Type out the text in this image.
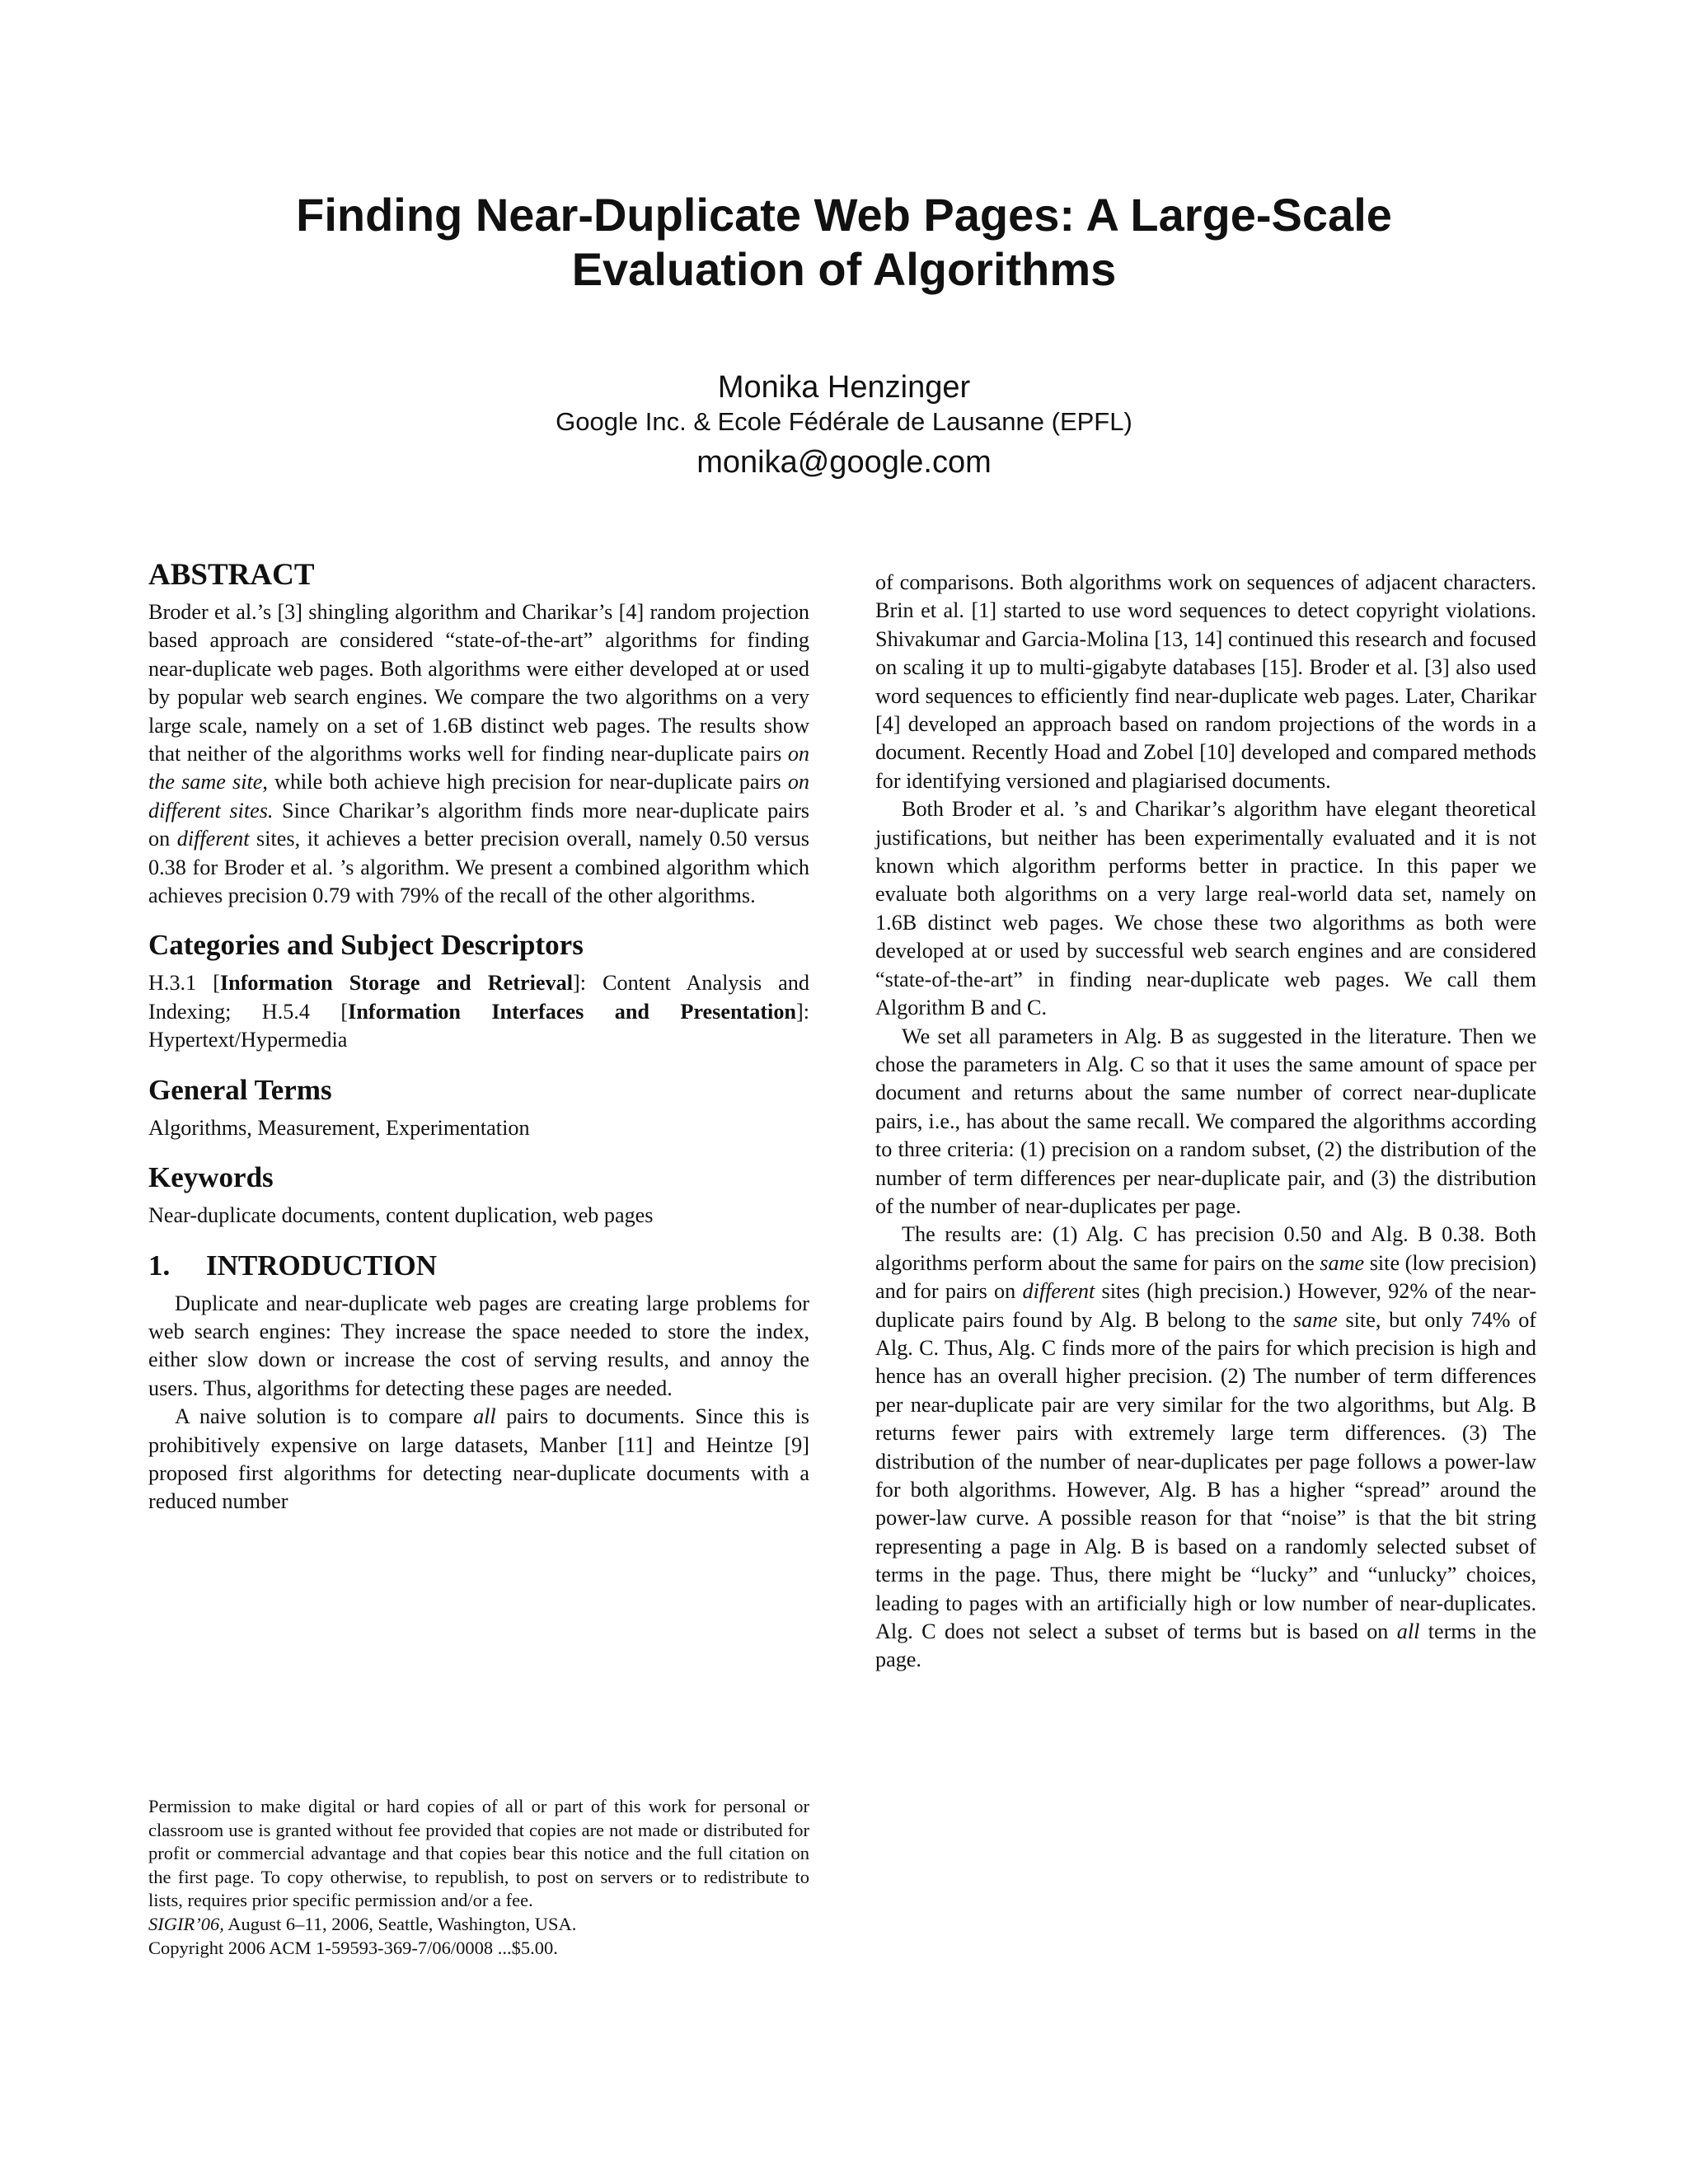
Finding Near-Duplicate Web Pages: A Large-Scale
Evaluation of Algorithms
Monika Henzinger
Google Inc. & Ecole Fédérale de Lausanne (EPFL)
monika@google.com
ABSTRACT

Broder et al.’s [3] shingling algorithm and Charikar’s [4] random projection based approach are considered “state-of-the-art” algorithms for finding near-duplicate web pages. Both algorithms were either developed at or used by popular web search engines. We compare the two algorithms on a very large scale, namely on a set of 1.6B distinct web pages. The results show that neither of the algorithms works well for finding near-duplicate pairs on the same site, while both achieve high precision for near-duplicate pairs on different sites. Since Charikar’s algorithm finds more near-duplicate pairs on different sites, it achieves a better precision overall, namely 0.50 versus 0.38 for Broder et al. ’s algorithm. We present a combined algorithm which achieves precision 0.79 with 79% of the recall of the other algorithms.

Categories and Subject Descriptors

H.3.1 [Information Storage and Retrieval]: Content Analysis and Indexing; H.5.4 [Information Interfaces and Presentation]: Hypertext/Hypermedia

General Terms

Algorithms, Measurement, Experimentation

Keywords

Near-duplicate documents, content duplication, web pages

1. INTRODUCTION

Duplicate and near-duplicate web pages are creating large problems for web search engines: They increase the space needed to store the index, either slow down or increase the cost of serving results, and annoy the users. Thus, algorithms for detecting these pages are needed.

A naive solution is to compare all pairs to documents. Since this is prohibitively expensive on large datasets, Manber [11] and Heintze [9] proposed first algorithms for detecting near-duplicate documents with a reduced number

Permission to make digital or hard copies of all or part of this work for personal or classroom use is granted without fee provided that copies are not made or distributed for profit or commercial advantage and that copies bear this notice and the full citation on the first page. To copy otherwise, to republish, to post on servers or to redistribute to lists, requires prior specific permission and/or a fee.

SIGIR’06, August 6–11, 2006, Seattle, Washington, USA.
Copyright 2006 ACM 1-59593-369-7/06/0008 ...$5.00.

of comparisons. Both algorithms work on sequences of adjacent characters. Brin et al. [1] started to use word sequences to detect copyright violations. Shivakumar and Garcia-Molina [13, 14] continued this research and focused on scaling it up to multi-gigabyte databases [15]. Broder et al. [3] also used word sequences to efficiently find near-duplicate web pages. Later, Charikar [4] developed an approach based on random projections of the words in a document. Recently Hoad and Zobel [10] developed and compared methods for identifying versioned and plagiarised documents.

Both Broder et al. ’s and Charikar’s algorithm have elegant theoretical justifications, but neither has been experimentally evaluated and it is not known which algorithm performs better in practice. In this paper we evaluate both algorithms on a very large real-world data set, namely on 1.6B distinct web pages. We chose these two algorithms as both were developed at or used by successful web search engines and are considered “state-of-the-art” in finding near-duplicate web pages. We call them Algorithm B and C.

We set all parameters in Alg. B as suggested in the literature. Then we chose the parameters in Alg. C so that it uses the same amount of space per document and returns about the same number of correct near-duplicate pairs, i.e., has about the same recall. We compared the algorithms according to three criteria: (1) precision on a random subset, (2) the distribution of the number of term differences per near-duplicate pair, and (3) the distribution of the number of near-duplicates per page.

The results are: (1) Alg. C has precision 0.50 and Alg. B 0.38. Both algorithms perform about the same for pairs on the same site (low precision) and for pairs on different sites (high precision.) However, 92% of the near-duplicate pairs found by Alg. B belong to the same site, but only 74% of Alg. C. Thus, Alg. C finds more of the pairs for which precision is high and hence has an overall higher precision. (2) The number of term differences per near-duplicate pair are very similar for the two algorithms, but Alg. B returns fewer pairs with extremely large term differences. (3) The distribution of the number of near-duplicates per page follows a power-law for both algorithms. However, Alg. B has a higher “spread” around the power-law curve. A possible reason for that “noise” is that the bit string representing a page in Alg. B is based on a randomly selected subset of terms in the page. Thus, there might be “lucky” and “unlucky” choices, leading to pages with an artificially high or low number of near-duplicates. Alg. C does not select a subset of terms but is based on all terms in the page.
